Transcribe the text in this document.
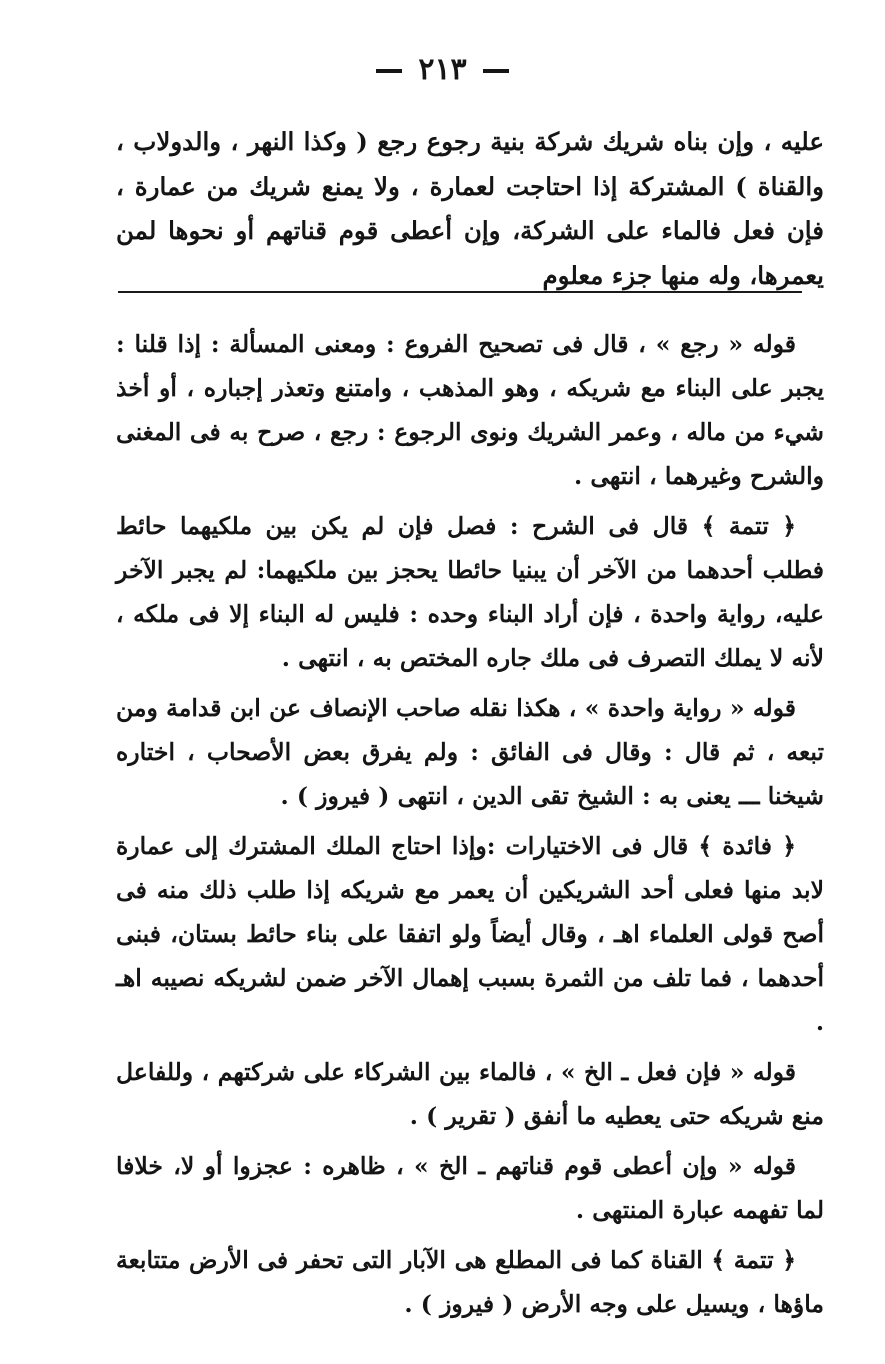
٢١٣

عليه ، وإن بناه شريك شركة بنية رجوع رجع ( وكذا النهر ، والدولاب ، والقناة ) المشتركة إذا احتاجت لعمارة ، ولا يمنع شريك من عمارة ، فإن فعل فالماء على الشركة، وإن أعطى قوم قناتهم أو نحوها لمن يعمرها، وله منها جزء معلوم

قوله « رجع » ، قال فى تصحيح الفروع : ومعنى المسألة : إذا قلنا : يجبر على البناء مع شريكه ، وهو المذهب ، وامتنع وتعذر إجباره ، أو أخذ شيء من ماله ، وعمر الشريك ونوى الرجوع : رجع ، صرح به فى المغنى والشرح وغيرهما ، انتهى .

﴿ تتمة ﴾ قال فى الشرح : فصل فإن لم يكن بين ملكيهما حائط فطلب أحدهما من الآخر أن يبنيا حائطا يحجز بين ملكيهما: لم يجبر الآخر عليه، رواية واحدة ، فإن أراد البناء وحده : فليس له البناء إلا فى ملكه ، لأنه لا يملك التصرف فى ملك جاره المختص به ، انتهى .

قوله « رواية واحدة » ، هكذا نقله صاحب الإنصاف عن ابن قدامة ومن تبعه ، ثم قال : وقال فى الفائق : ولم يفرق بعض الأصحاب ، اختاره شيخنا ـــ يعنى به : الشيخ تقى الدين ، انتهى ( فيروز ) .

﴿ فائدة ﴾ قال فى الاختيارات :وإذا احتاج الملك المشترك إلى عمارة لابد منها فعلى أحد الشريكين أن يعمر مع شريكه إذا طلب ذلك منه فى أصح قولى العلماء اهـ ، وقال أيضاً ولو اتفقا على بناء حائط بستان، فبنى أحدهما ، فما تلف من الثمرة بسبب إهمال الآخر ضمن لشريكه نصيبه اهـ .

قوله « فإن فعل ـ الخ » ، فالماء بين الشركاء على شركتهم ، وللفاعل منع شريكه حتى يعطيه ما أنفق ( تقرير ) .

قوله « وإن أعطى قوم قناتهم ـ الخ » ، ظاهره : عجزوا أو لا، خلافا لما تفهمه عبارة المنتهى .

﴿ تتمة ﴾ القناة كما فى المطلع هى الآبار التى تحفر فى الأرض متتابعة ماؤها ، ويسيل على وجه الأرض ( فيروز ) .
